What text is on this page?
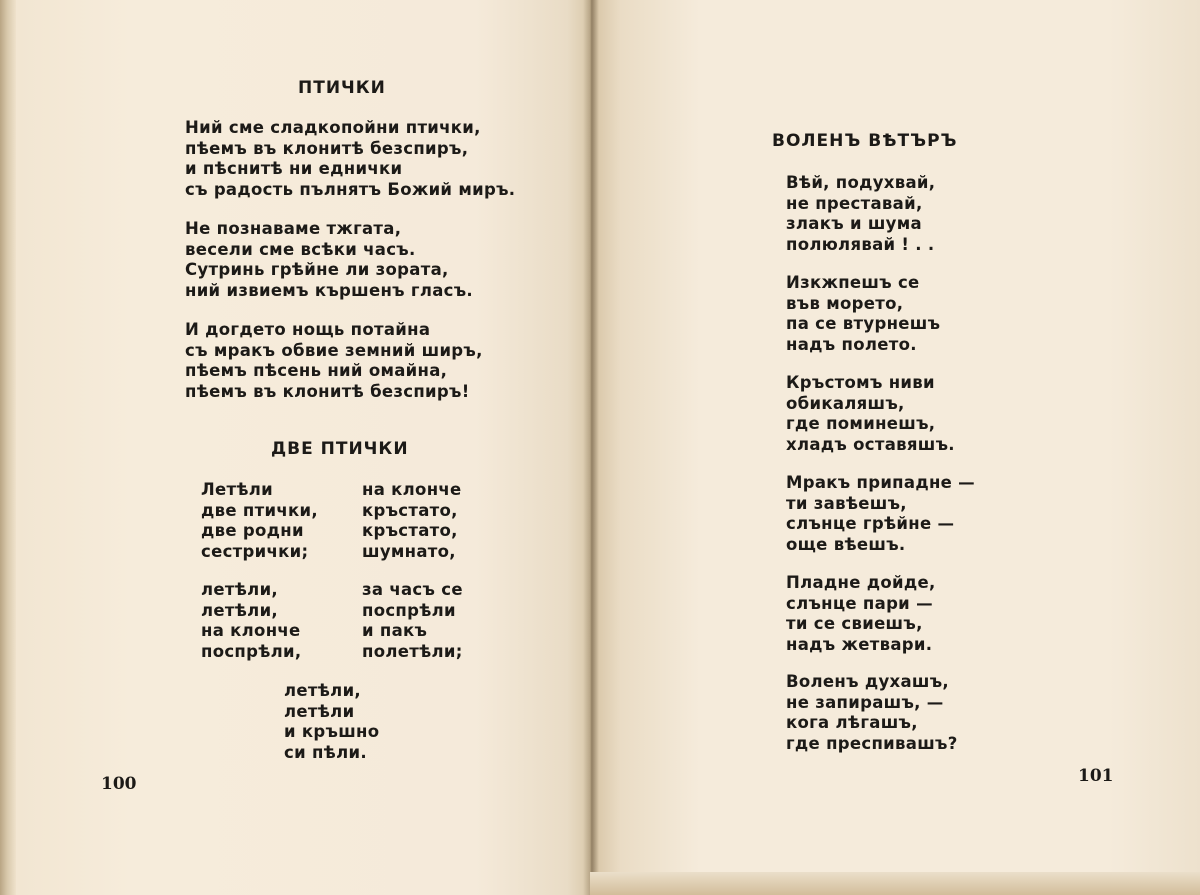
ПТИЧКИ
Ний сме сладкопойни птички,
пѣемъ въ клонитѣ безспиръ,
и пѣснитѣ ни еднички
съ радость пълнятъ Божий миръ.
Не познаваме тжгата,
весели сме всѣки часъ.
Сутринь грѣйне ли зората,
ний извиемъ кършенъ гласъ.
И догдето нощь потайна
съ мракъ обвие земний ширъ,
пѣемъ пѣсень ний омайна,
пѣемъ въ клонитѣ безспиръ!
ДВЕ ПТИЧКИ
Летѣли
две птички,
две родни
сестрички;
на клонче
кръстато,
кръстато,
шумнато,
летѣли,
летѣли,
на клонче
поспрѣли,
за часъ се
поспрѣли
и пакъ
полетѣли;
летѣли,
летѣли
и кръшно
си пѣли.
100
ВОЛЕНЪ ВѢТЪРЪ
Вѣй, подухвай,
не преставай,
злакъ и шума
полюлявай ! . .
Изкжпешъ се
във морето,
па се втурнешъ
надъ полето.
Кръстомъ ниви
обикаляшъ,
где поминешъ,
хладъ оставяшъ.
Мракъ припадне —
ти завѣешъ,
слънце грѣйне —
още вѣешъ.
Пладне дойде,
слънце пари —
ти се свиешъ,
надъ жетвари.
Воленъ духашъ,
не запирашъ, —
кога лѣгашъ,
где преспивашъ?
101
